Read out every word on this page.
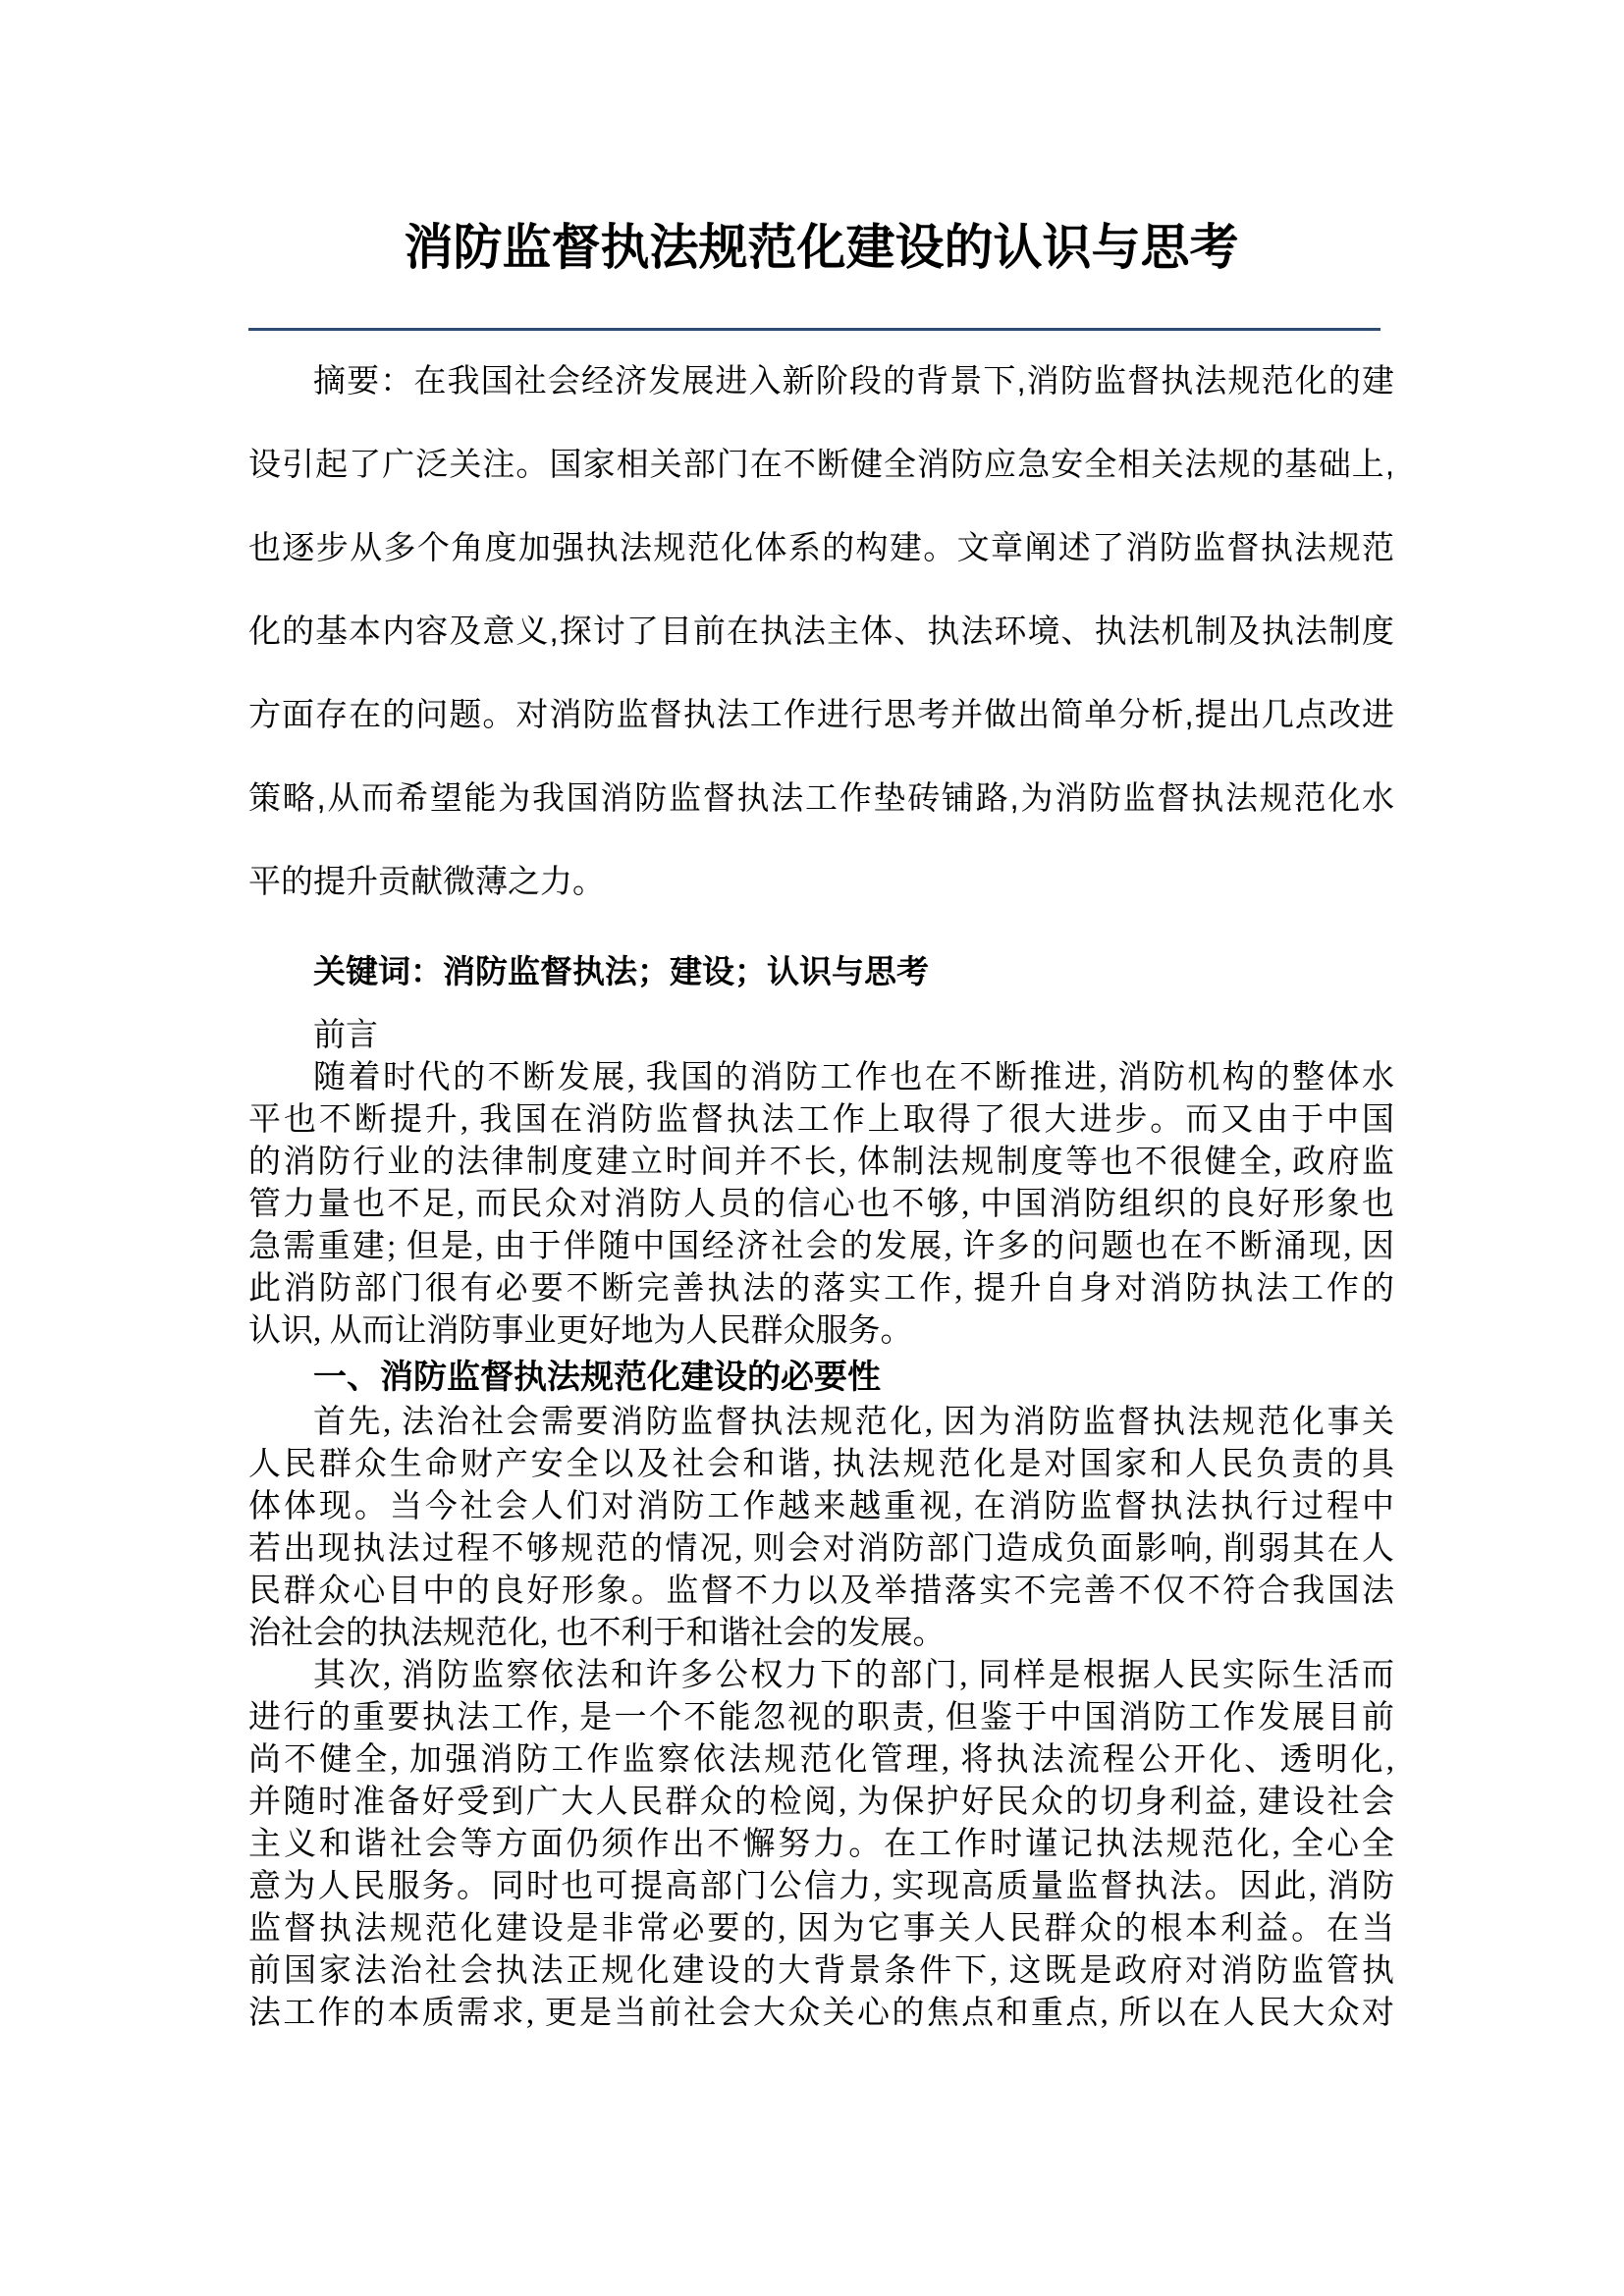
消防监督执法规范化建设的认识与思考
摘要：在我国社会经济发展进入新阶段的背景下,消防监督执法规范化的建
设引起了广泛关注。国家相关部门在不断健全消防应急安全相关法规的基础上,
也逐步从多个角度加强执法规范化体系的构建。文章阐述了消防监督执法规范
化的基本内容及意义,探讨了目前在执法主体、执法环境、执法机制及执法制度
方面存在的问题。对消防监督执法工作进行思考并做出简单分析,提出几点改进
策略,从而希望能为我国消防监督执法工作垫砖铺路,为消防监督执法规范化水
平的提升贡献微薄之力。
关键词：消防监督执法；建设；认识与思考
前言
随着时代的不断发展, 我国的消防工作也在不断推进, 消防机构的整体水
平也不断提升, 我国在消防监督执法工作上取得了很大进步。而又由于中国
的消防行业的法律制度建立时间并不长, 体制法规制度等也不很健全, 政府监
管力量也不足, 而民众对消防人员的信心也不够, 中国消防组织的良好形象也
急需重建; 但是, 由于伴随中国经济社会的发展, 许多的问题也在不断涌现, 因
此消防部门很有必要不断完善执法的落实工作, 提升自身对消防执法工作的
认识, 从而让消防事业更好地为人民群众服务。
一、消防监督执法规范化建设的必要性
首先, 法治社会需要消防监督执法规范化, 因为消防监督执法规范化事关
人民群众生命财产安全以及社会和谐, 执法规范化是对国家和人民负责的具
体体现。当今社会人们对消防工作越来越重视, 在消防监督执法执行过程中
若出现执法过程不够规范的情况, 则会对消防部门造成负面影响, 削弱其在人
民群众心目中的良好形象。监督不力以及举措落实不完善不仅不符合我国法
治社会的执法规范化, 也不利于和谐社会的发展。
其次, 消防监察依法和许多公权力下的部门, 同样是根据人民实际生活而
进行的重要执法工作, 是一个不能忽视的职责, 但鉴于中国消防工作发展目前
尚不健全, 加强消防工作监察依法规范化管理, 将执法流程公开化、透明化,
并随时准备好受到广大人民群众的检阅, 为保护好民众的切身利益, 建设社会
主义和谐社会等方面仍须作出不懈努力。在工作时谨记执法规范化, 全心全
意为人民服务。同时也可提高部门公信力, 实现高质量监督执法。因此, 消防
监督执法规范化建设是非常必要的, 因为它事关人民群众的根本利益。在当
前国家法治社会执法正规化建设的大背景条件下, 这既是政府对消防监管执
法工作的本质需求, 更是当前社会大众关心的焦点和重点, 所以在人民大众对
